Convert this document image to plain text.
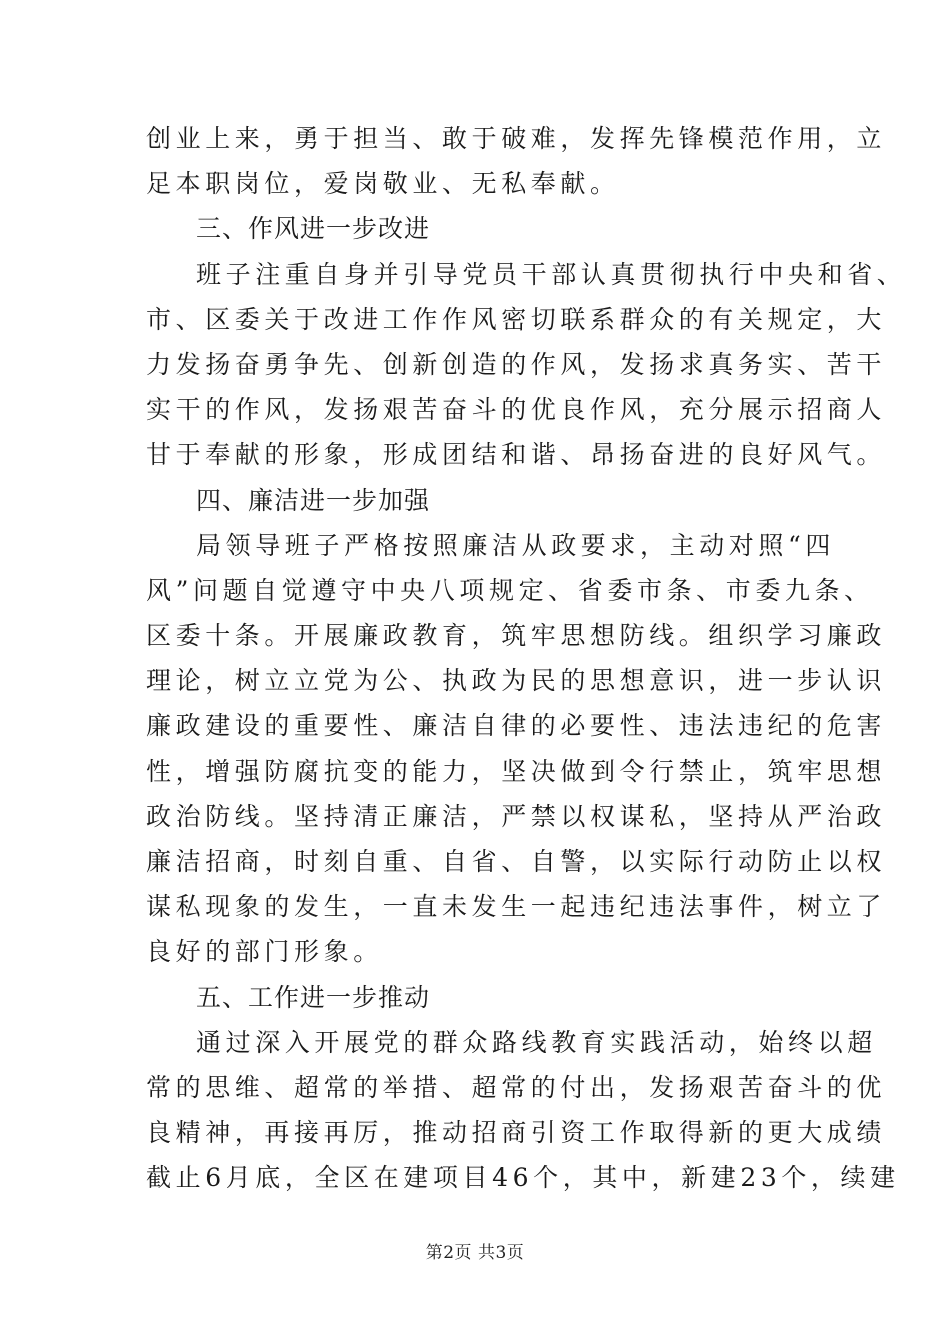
创业上来，勇于担当、敢于破难，发挥先锋模范作用，立
足本职岗位，爱岗敬业、无私奉献。
三、作风进一步改进
班子注重自身并引导党员干部认真贯彻执行中央和省、
市、区委关于改进工作作风密切联系群众的有关规定，大
力发扬奋勇争先、创新创造的作风，发扬求真务实、苦干
实干的作风，发扬艰苦奋斗的优良作风，充分展示招商人
甘于奉献的形象，形成团结和谐、昂扬奋进的良好风气。
四、廉洁进一步加强
局领导班子严格按照廉洁从政要求，主动对照“四
风”问题自觉遵守中央八项规定、省委市条、市委九条、
区委十条。开展廉政教育，筑牢思想防线。组织学习廉政
理论，树立立党为公、执政为民的思想意识，进一步认识
廉政建设的重要性、廉洁自律的必要性、违法违纪的危害
性，增强防腐抗变的能力，坚决做到令行禁止，筑牢思想
政治防线。坚持清正廉洁，严禁以权谋私，坚持从严治政
廉洁招商，时刻自重、自省、自警，以实际行动防止以权
谋私现象的发生，一直未发生一起违纪违法事件，树立了
良好的部门形象。
五、工作进一步推动
通过深入开展党的群众路线教育实践活动，始终以超
常的思维、超常的举措、超常的付出，发扬艰苦奋斗的优
良精神，再接再厉，推动招商引资工作取得新的更大成绩
截止6月底，全区在建项目46个，其中，新建23个，续建
第2页 共3页
